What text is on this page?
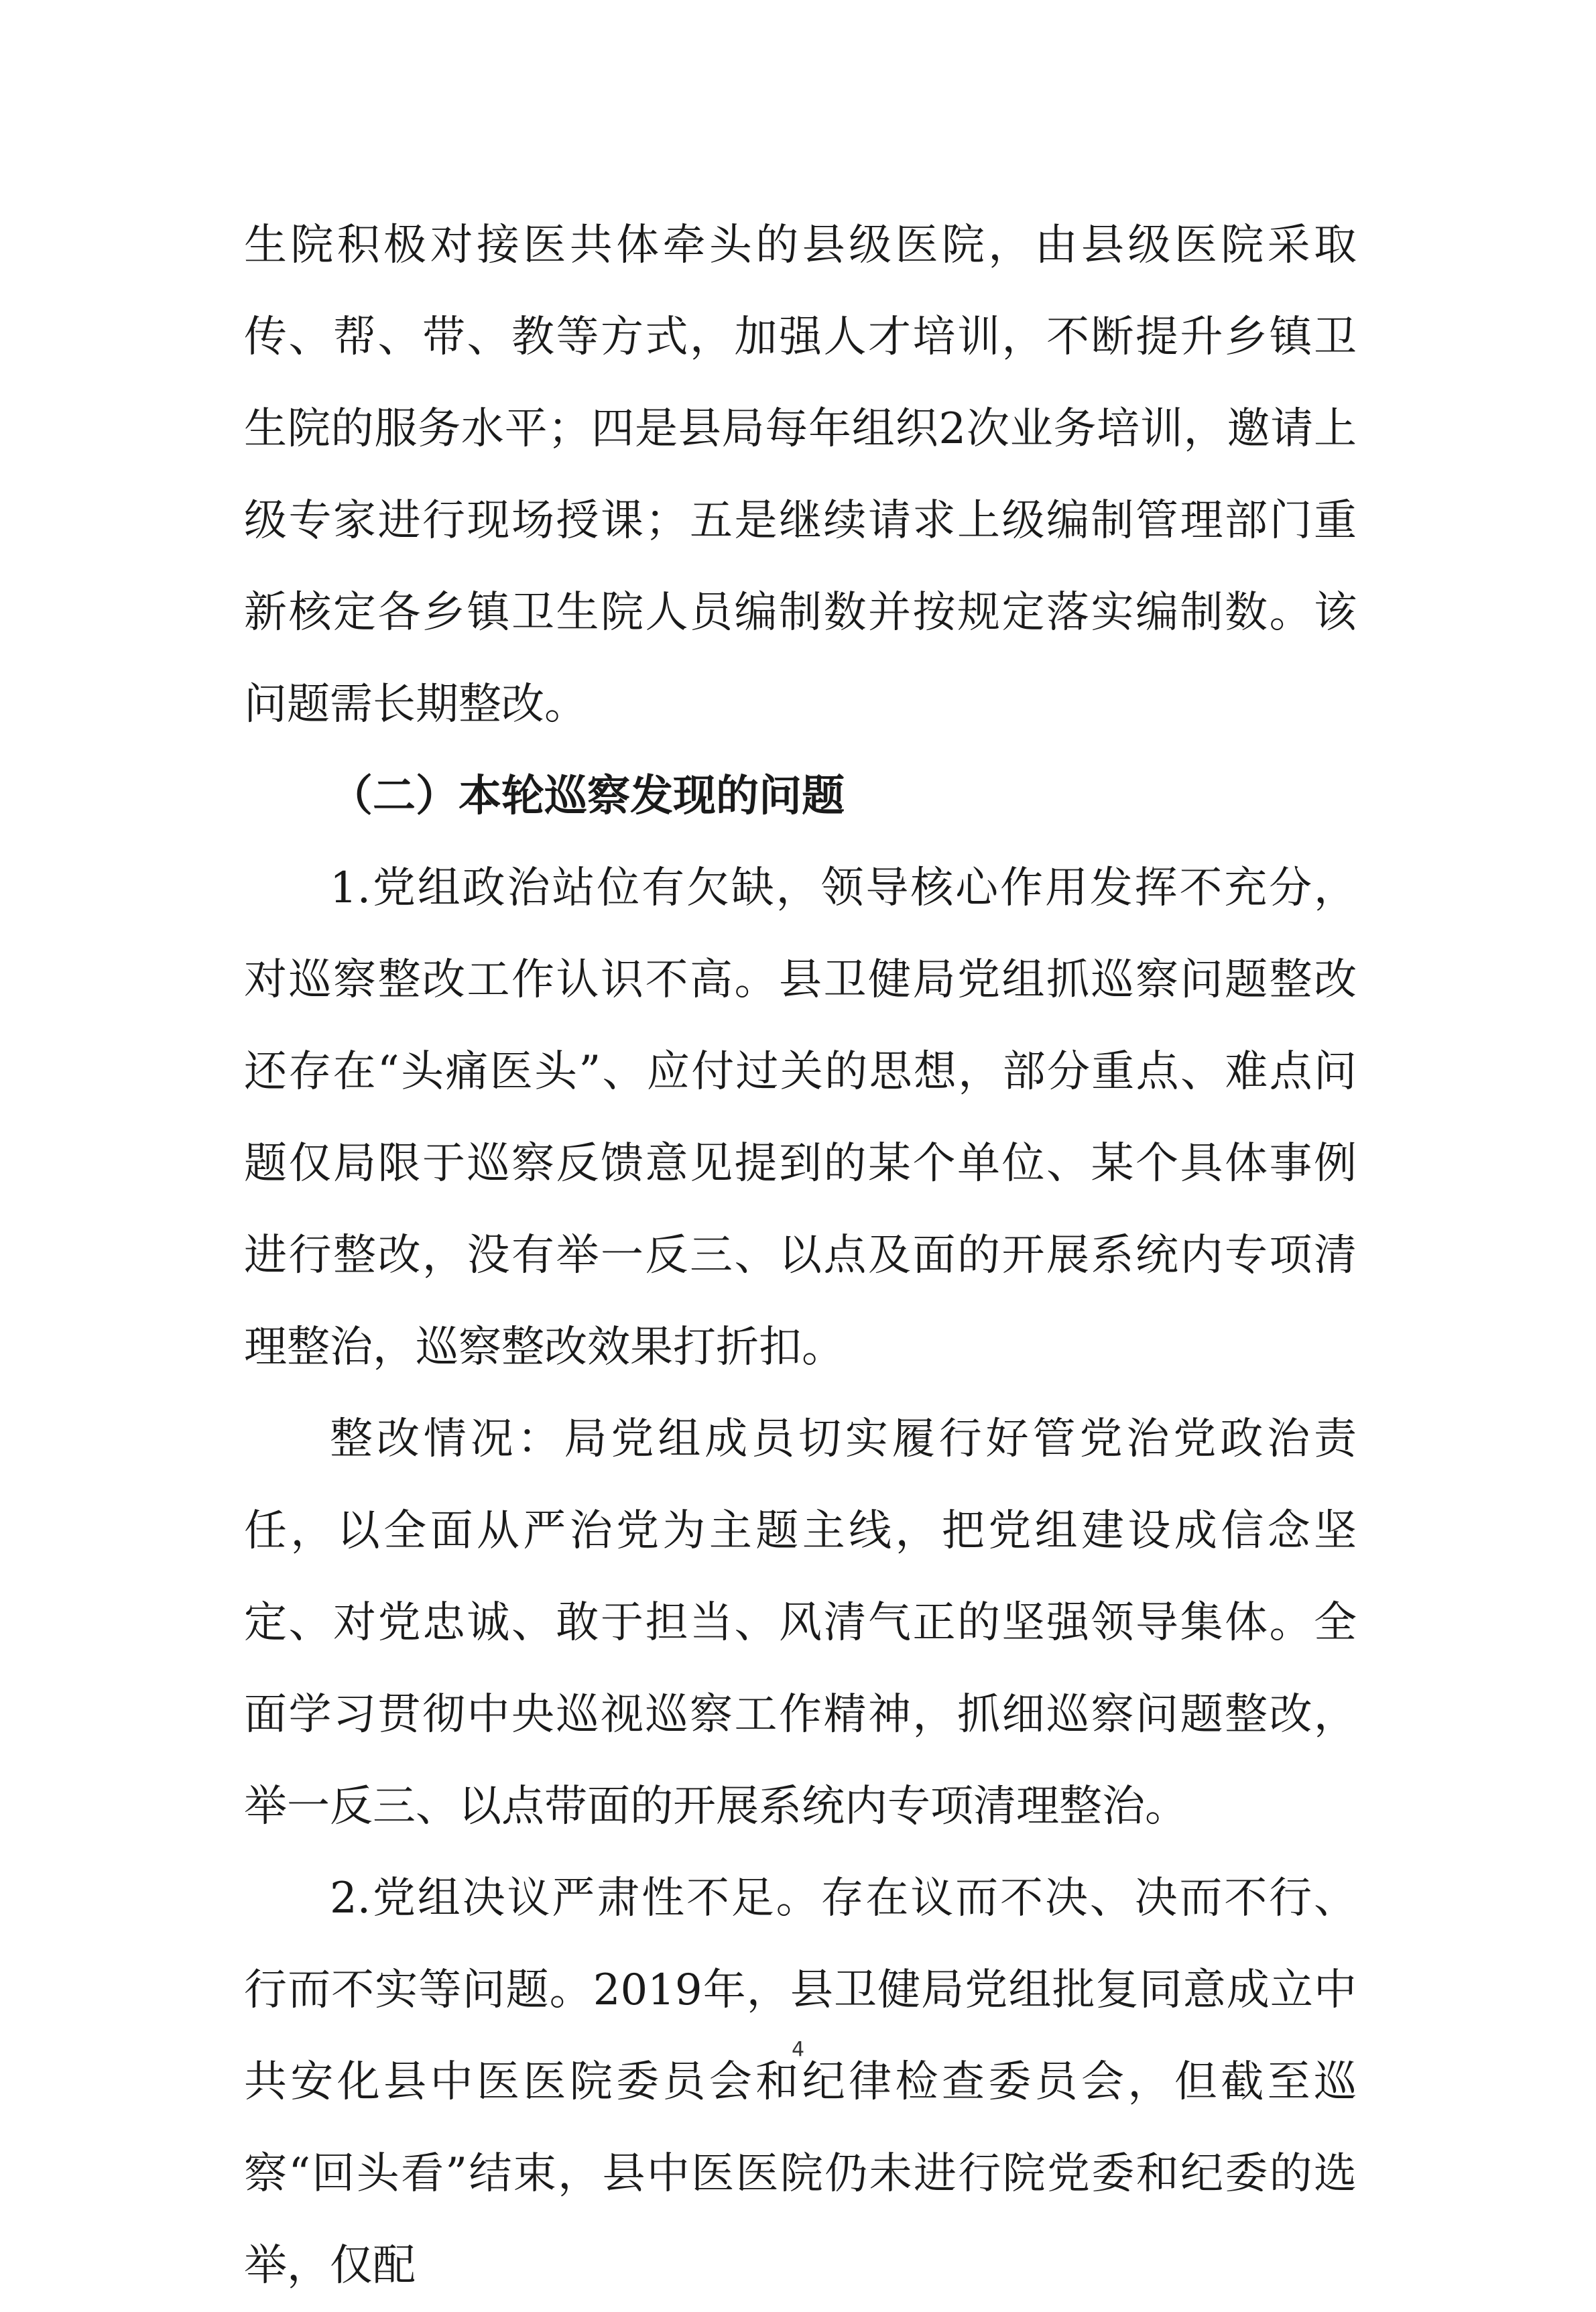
生院积极对接医共体牵头的县级医院，由县级医院采取传、帮、带、教等方式，加强人才培训，不断提升乡镇卫生院的服务水平；四是县局每年组织2次业务培训，邀请上级专家进行现场授课；五是继续请求上级编制管理部门重新核定各乡镇卫生院人员编制数并按规定落实编制数。该问题需长期整改。

（二）本轮巡察发现的问题

1.党组政治站位有欠缺，领导核心作用发挥不充分，对巡察整改工作认识不高。县卫健局党组抓巡察问题整改还存在“头痛医头”、应付过关的思想，部分重点、难点问题仅局限于巡察反馈意见提到的某个单位、某个具体事例进行整改，没有举一反三、以点及面的开展系统内专项清理整治，巡察整改效果打折扣。

整改情况：局党组成员切实履行好管党治党政治责任，以全面从严治党为主题主线，把党组建设成信念坚定、对党忠诚、敢于担当、风清气正的坚强领导集体。全面学习贯彻中央巡视巡察工作精神，抓细巡察问题整改，举一反三、以点带面的开展系统内专项清理整治。

2.党组决议严肃性不足。存在议而不决、决而不行、行而不实等问题。2019年，县卫健局党组批复同意成立中共安化县中医医院委员会和纪律检查委员会，但截至巡察“回头看”结束，县中医医院仍未进行院党委和纪委的选举，仅配

4
